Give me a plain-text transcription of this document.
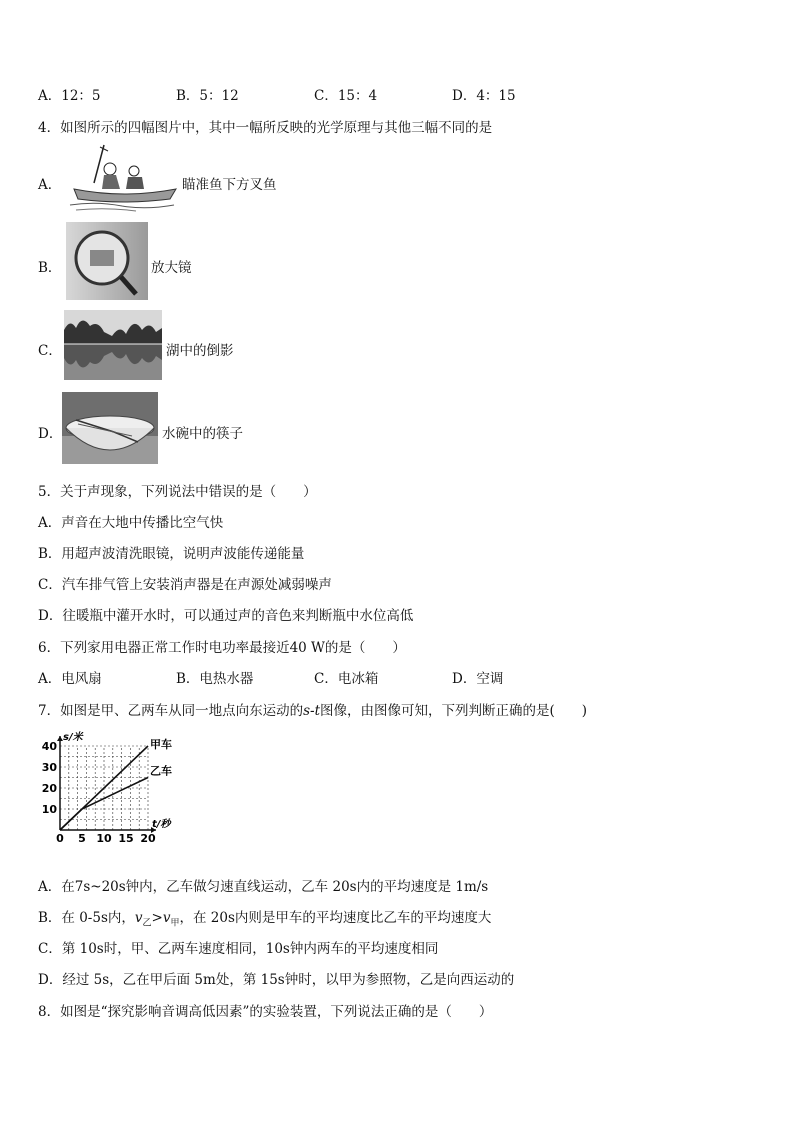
A．12：5	B．5：12	C．15：4	D．4：15
4．如图所示的四幅图片中，其中一幅所反映的光学原理与其他三幅不同的是
A．	瞄准鱼下方叉鱼
B．	放大镜
C．	湖中的倒影
D．	水碗中的筷子
5．关于声现象，下列说法中错误的是（　　）
A．声音在大地中传播比空气快
B．用超声波清洗眼镜，说明声波能传递能量
C．汽车排气管上安装消声器是在声源处减弱噪声
D．往暖瓶中灌开水时，可以通过声的音色来判断瓶中水位高低
6．下列家用电器正常工作时电功率最接近40 W的是（　　）
A．电风扇	B．电热水器	C．电冰箱	D．空调
7．如图是甲、乙两车从同一地点向东运动的s-t图像，由图像可知，下列判断正确的是(　　)
0 5 10 15 20
10
20
30
40
s/米
t/秒
甲车
乙车
A．在7s~20s钟内，乙车做匀速直线运动，乙车 20s内的平均速度是 1m/s
B．在 0-5s内，$v_乙>v_甲$，在 20s内则是甲车的平均速度比乙车的平均速度大
C．第 10s时，甲、乙两车速度相同，10s钟内两车的平均速度相同
D．经过 5s，乙在甲后面 5m处，第 15s钟时，以甲为参照物，乙是向西运动的
8．如图是“探究影响音调高低因素”的实验装置，下列说法正确的是（　　）
